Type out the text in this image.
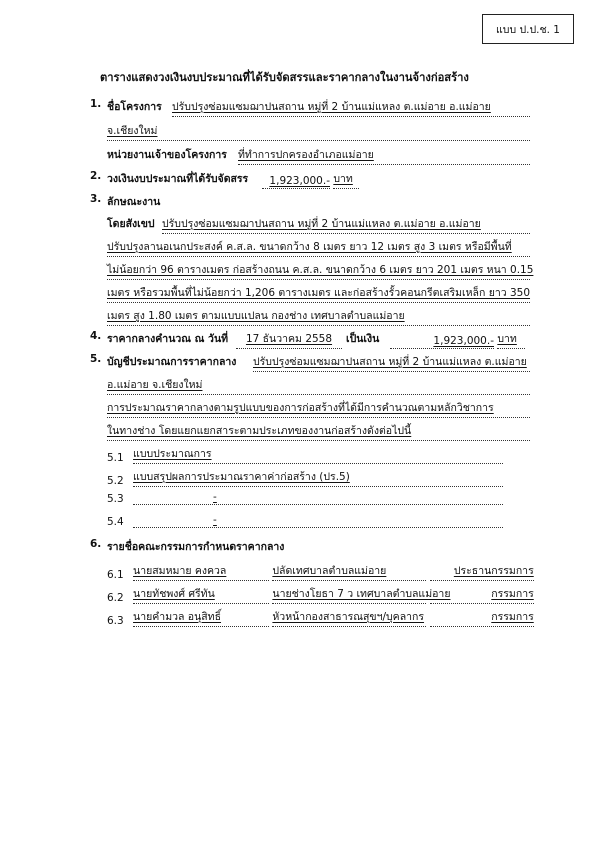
แบบ ป.ป.ช. 1
ตารางแสดงวงเงินงบประมาณที่ได้รับจัดสรรและราคากลางในงานจ้างก่อสร้าง
1. ชื่อโครงการ ปรับปรุงซ่อมแซมฌาปนสถาน หมู่ที่ 2 บ้านแม่แหลง ต.แม่อาย อ.แม่อาย
จ.เชียงใหม่
หน่วยงานเจ้าของโครงการ ที่ทำการปกครองอำเภอแม่อาย
2. วงเงินงบประมาณที่ได้รับจัดสรร	1,923,000.- บาท
3. ลักษณะงาน
โดยสังเขป ปรับปรุงซ่อมแซมฌาปนสถาน หมู่ที่ 2 บ้านแม่แหลง ต.แม่อาย อ.แม่อาย
ปรับปรุงลานอเนกประสงค์ ค.ส.ล. ขนาดกว้าง 8 เมตร ยาว 12 เมตร สูง 3 เมตร หรือมีพื้นที่
ไม่น้อยกว่า 96 ตารางเมตร ก่อสร้างถนน ค.ส.ล. ขนาดกว้าง 6 เมตร ยาว 201 เมตร หนา 0.15
เมตร หรือรวมพื้นที่ไม่น้อยกว่า 1,206 ตารางเมตร และก่อสร้างรั้วคอนกรีตเสริมเหล็ก ยาว 350
เมตร สูง 1.80 เมตร ตามแบบแปลน กองช่าง เทศบาลตำบลแม่อาย
4. ราคากลางคำนวณ ณ วันที่	17 ธันวาคม 2558	เป็นเงิน	1,923,000.- บาท
5. บัญชีประมาณการราคากลาง ปรับปรุงซ่อมแซมฌาปนสถาน หมู่ที่ 2 บ้านแม่แหลง ต.แม่อาย
อ.แม่อาย จ.เชียงใหม่
การประมาณราคากลางตามรูปแบบของการก่อสร้างที่ได้มีการคำนวณตามหลักวิชาการ
ในทางช่าง โดยแยกแยกสาระตามประเภทของงานก่อสร้างดังต่อไปนี้
5.1 แบบประมาณการ
5.2 แบบสรุปผลการประมาณราคาค่าก่อสร้าง (ปร.5)
5.3	-
5.4	-
6. รายชื่อคณะกรรมการกำหนดราคากลาง
6.1 นายสมหมาย คงควล	ปลัดเทศบาลตำบลแม่อาย	ประธานกรรมการ
6.2 นายทัชพงศ์ ศรีทัน	นายช่างโยธา 7 ว เทศบาลตำบลแม่อาย	กรรมการ
6.3 นายคำมวล อนุสิทธิ์	หัวหน้ากองสาธารณสุขฯ/บุคลากร	กรรมการ
